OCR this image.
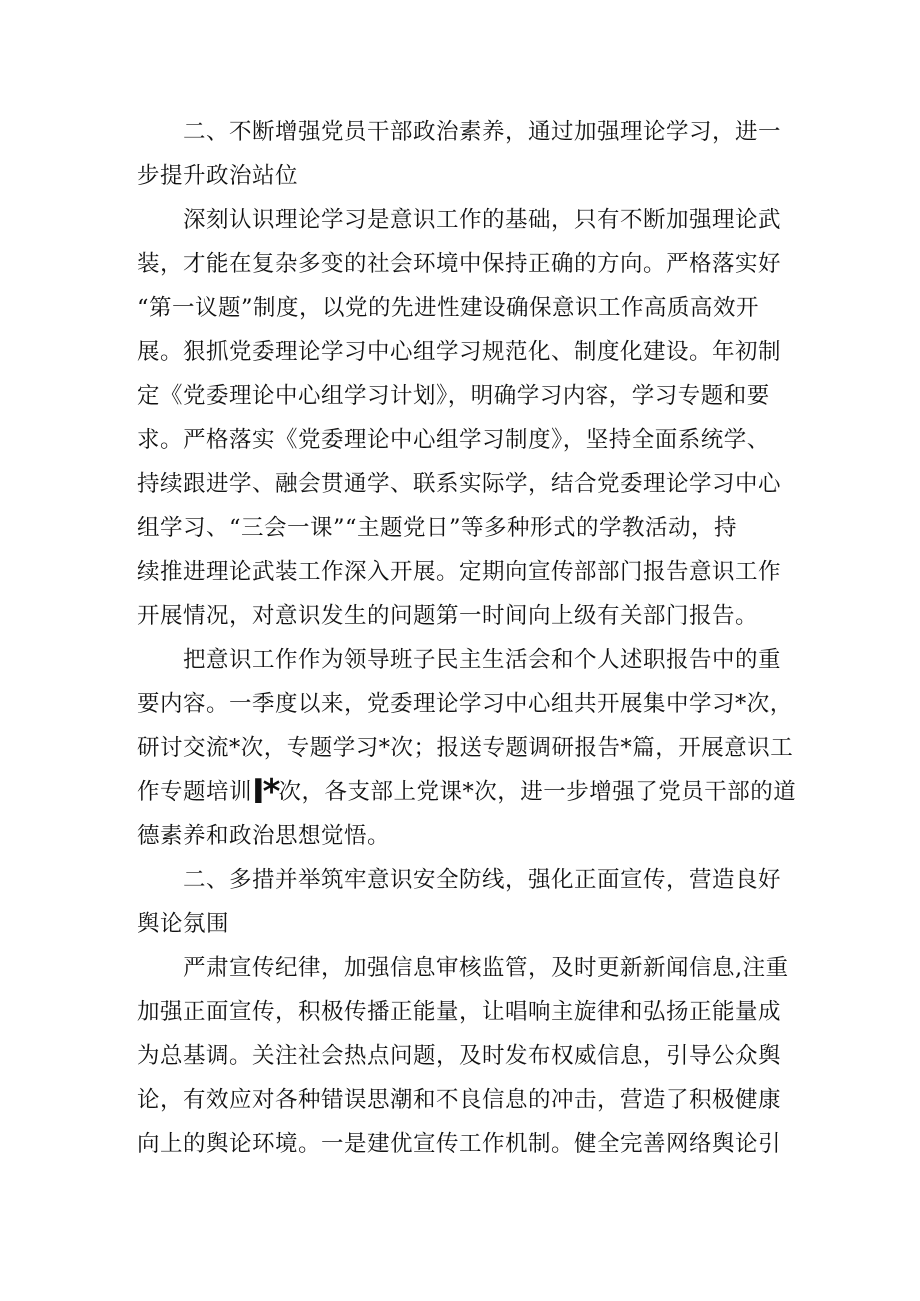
　　二、不断增强党员干部政治素养，通过加强理论学习，进一
步提升政治站位
　　深刻认识理论学习是意识工作的基础，只有不断加强理论武
装，才能在复杂多变的社会环境中保持正确的方向。严格落实好
“第一议题”制度，以党的先进性建设确保意识工作高质高效开
展。狠抓党委理论学习中心组学习规范化、制度化建设。年初制
定《党委理论中心组学习计划》，明确学习内容，学习专题和要
求。严格落实《党委理论中心组学习制度》，坚持全面系统学、
持续跟进学、融会贯通学、联系实际学，结合党委理论学习中心
组学习、“三会一课”“主题党日”等多种形式的学教活动，持
续推进理论武装工作深入开展。定期向宣传部部门报告意识工作
开展情况，对意识发生的问题第一时间向上级有关部门报告。
　　把意识工作作为领导班子民主生活会和个人述职报告中的重
要内容。一季度以来，党委理论学习中心组共开展集中学习*次，
研讨交流*次，专题学习*次；报送专题调研报告*篇，开展意识工
作专题培训I*次，各支部上党课*次，进一步增强了党员干部的道
德素养和政治思想觉悟。
　　二、多措并举筑牢意识安全防线，强化正面宣传，营造良好
舆论氛围
　　严肃宣传纪律，加强信息审核监管，及时更新新闻信息,注重
加强正面宣传，积极传播正能量，让唱响主旋律和弘扬正能量成
为总基调。关注社会热点问题，及时发布权威信息，引导公众舆
论，有效应对各种错误思潮和不良信息的冲击，营造了积极健康
向上的舆论环境。一是建优宣传工作机制。健全完善网络舆论引
